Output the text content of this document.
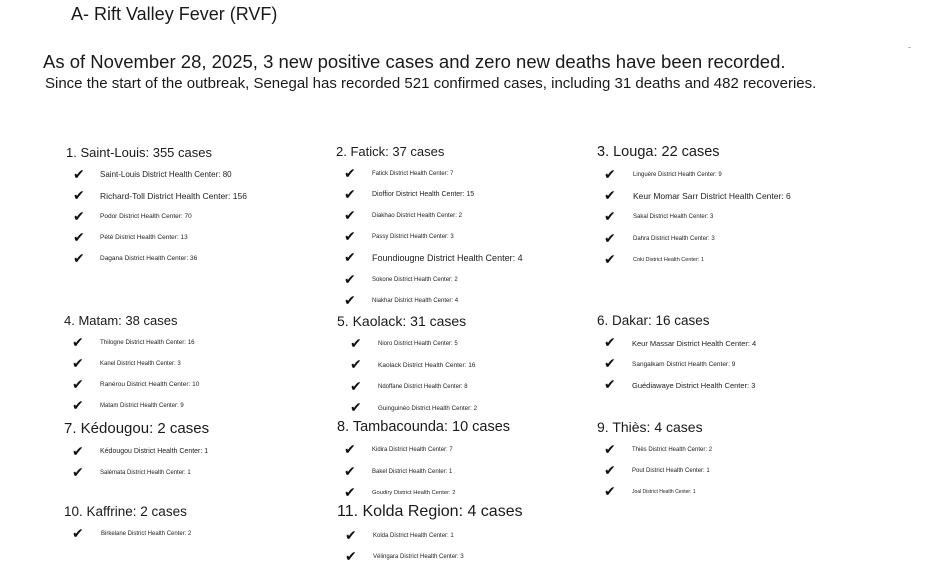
A- Rift Valley Fever (RVF)
As of November 28, 2025, 3 new positive cases and zero new deaths have been recorded.
Since the start of the outbreak, Senegal has recorded 521 confirmed cases, including 31 deaths and 482 recoveries.
1. Saint-Louis: 355 cases
✔	Saint-Louis District Health Center: 80
✔	Richard-Toll District Health Center: 156
✔	Podor District Health Center: 70
✔	Pété District Health Center: 13
✔	Dagana District Health Center: 36
2. Fatick: 37 cases
✔	Fatick District Health Center: 7
✔	Dioffior District Health Center: 15
✔	Diakhao District Health Center: 2
✔	Passy District Health Center: 3
✔	Foundiougne District Health Center: 4
✔	Sokone District Health Center: 2
✔	Niakhar District Health Center: 4
3. Louga: 22 cases
✔	Linguère District Health Center: 9
✔	Keur Momar Sarr District Health Center: 6
✔	Sakal District Health Center: 3
✔	Dahra District Health Center: 3
✔	Coki District Health Center: 1
4. Matam: 38 cases
✔	Thilogne District Health Center: 16
✔	Kanel District Health Center: 3
✔	Ranérou District Health Center: 10
✔	Matam District Health Center: 9
5. Kaolack: 31 cases
✔	Nioro District Health Center: 5
✔	Kaolack District Health Center: 16
✔	Ndoffane District Health Center: 8
✔	Guinguinéo District Health Center: 2
6. Dakar: 16 cases
✔	Keur Massar District Health Center: 4
✔	Sangalkam District Health Center: 9
✔	Guédiawaye District Health Center: 3
7. Kédougou: 2 cases
✔	Kédougou District Health Center: 1
✔	Salémata District Health Center: 1
8. Tambacounda: 10 cases
✔	Kidira District Health Center: 7
✔	Bakel District Health Center: 1
✔	Goudiry District Health Center: 2
9. Thiès: 4 cases
✔	Thiès District Health Center: 2
✔	Pout District Health Center: 1
✔	Joal District Health Center: 1
10. Kaffrine: 2 cases
✔	Birkelane District Health Center: 2
11. Kolda Region: 4 cases
✔	Kolda District Health Center: 1
✔	Vélingara District Health Center: 3
